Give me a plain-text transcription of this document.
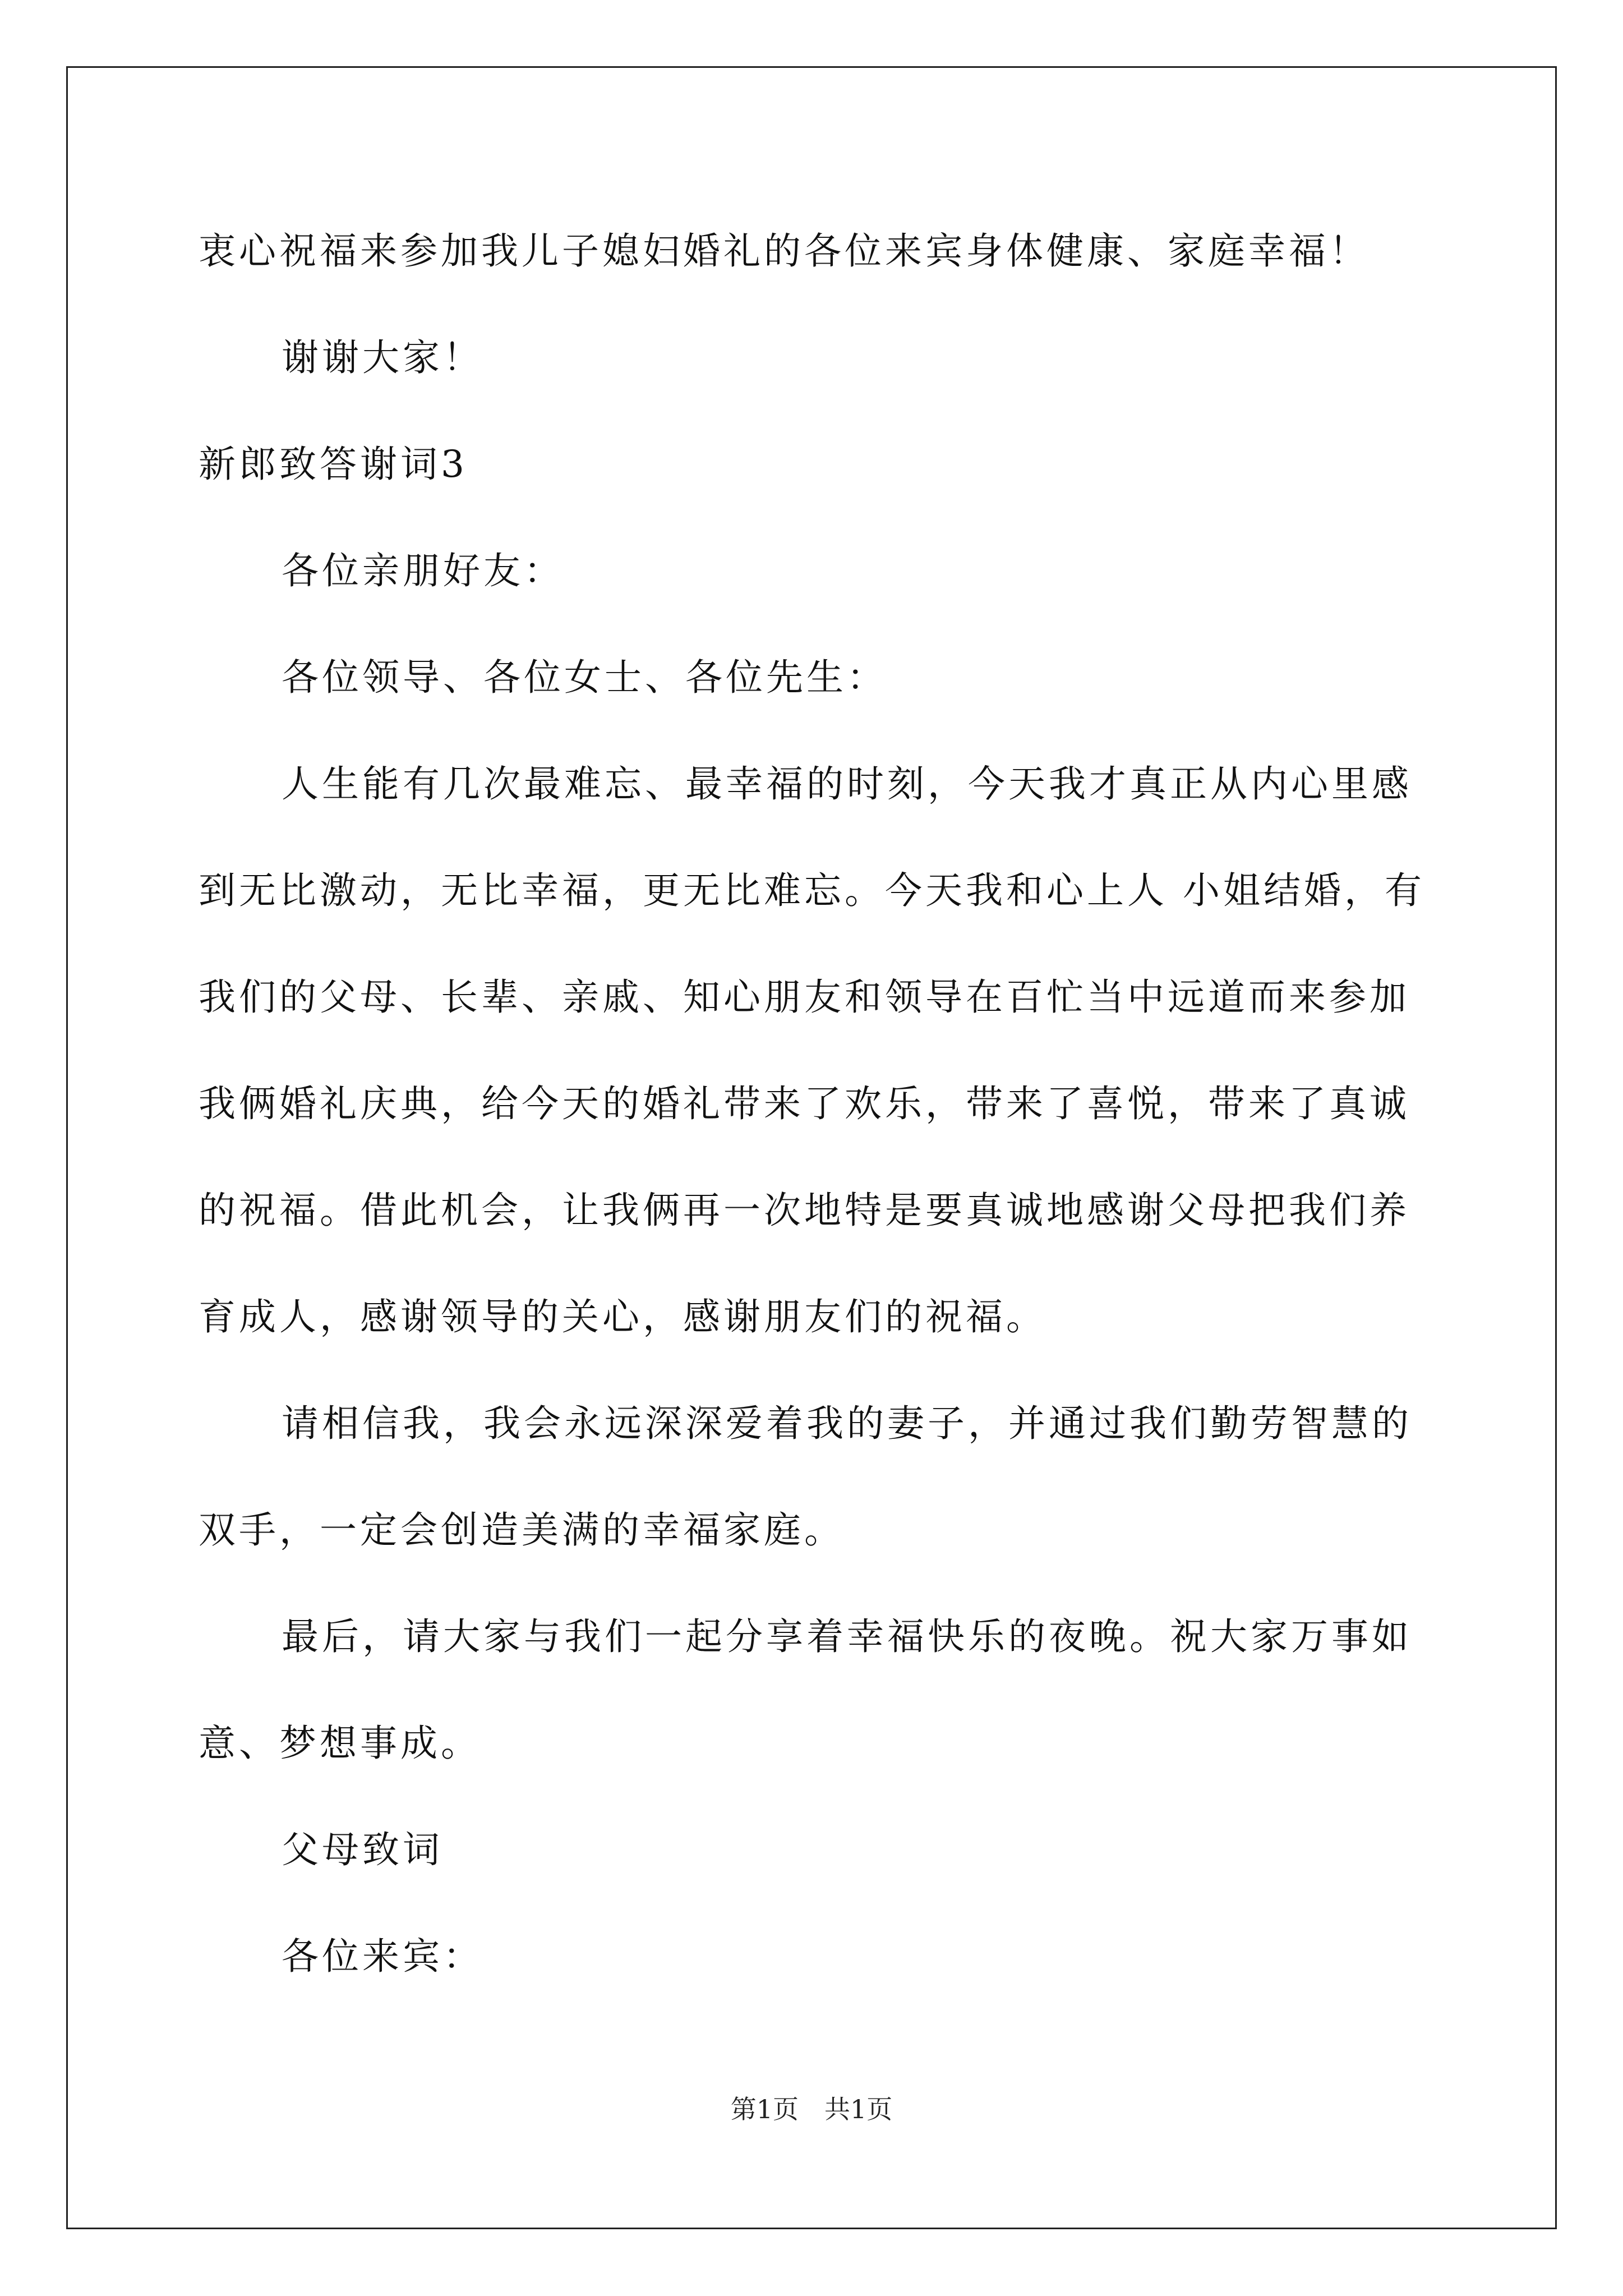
衷心祝福来参加我儿子媳妇婚礼的各位来宾身体健康、家庭幸福！
谢谢大家！
新郎致答谢词3
各位亲朋好友：
各位领导、各位女士、各位先生：
人生能有几次最难忘、最幸福的时刻，今天我才真正从内心里感
到无比激动，无比幸福，更无比难忘。今天我和心上人 小姐结婚，有
我们的父母、长辈、亲戚、知心朋友和领导在百忙当中远道而来参加
我俩婚礼庆典，给今天的婚礼带来了欢乐，带来了喜悦，带来了真诚
的祝福。借此机会，让我俩再一次地特是要真诚地感谢父母把我们养
育成人，感谢领导的关心，感谢朋友们的祝福。
请相信我，我会永远深深爱着我的妻子，并通过我们勤劳智慧的
双手，一定会创造美满的幸福家庭。
最后，请大家与我们一起分享着幸福快乐的夜晚。祝大家万事如
意、梦想事成。
父母致词
各位来宾：
第1页　共1页
